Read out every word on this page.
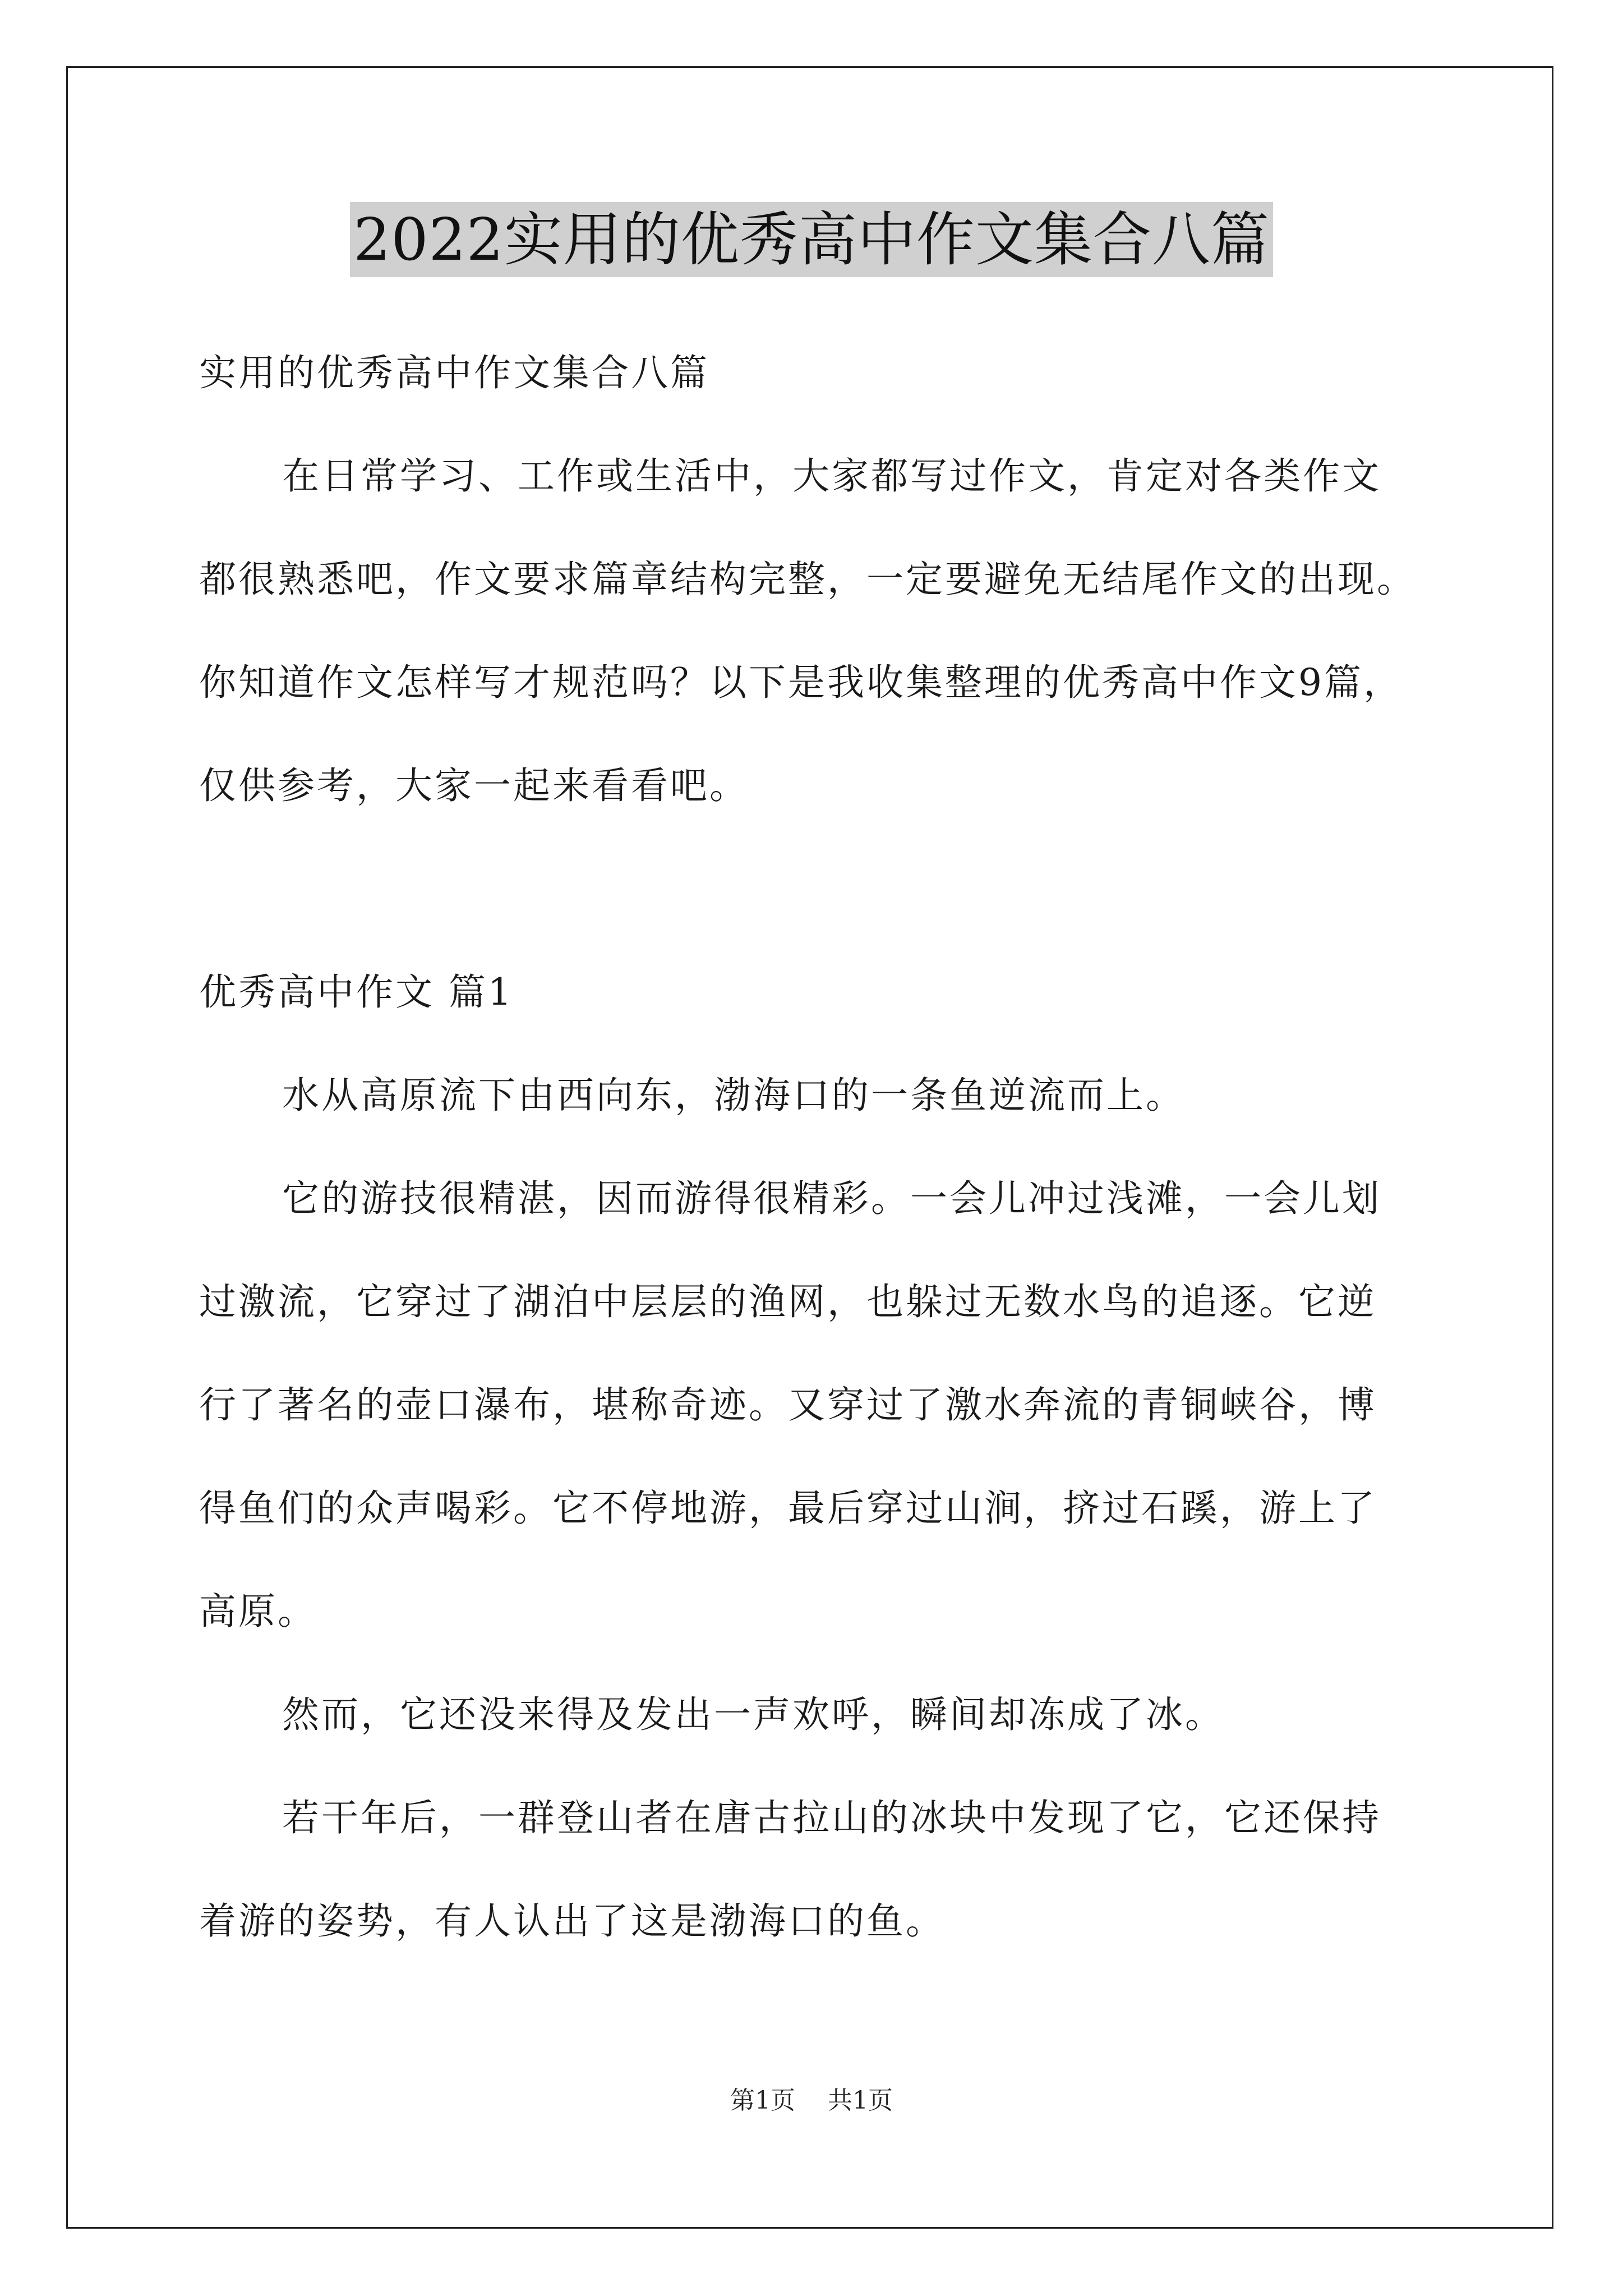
2022实用的优秀高中作文集合八篇
实用的优秀高中作文集合八篇
在日常学习、工作或生活中，大家都写过作文，肯定对各类作文
都很熟悉吧，作文要求篇章结构完整，一定要避免无结尾作文的出现。
你知道作文怎样写才规范吗？以下是我收集整理的优秀高中作文9篇，
仅供参考，大家一起来看看吧。
优秀高中作文 篇1
水从高原流下由西向东，渤海口的一条鱼逆流而上。
它的游技很精湛，因而游得很精彩。一会儿冲过浅滩，一会儿划
过激流，它穿过了湖泊中层层的渔网，也躲过无数水鸟的追逐。它逆
行了著名的壶口瀑布，堪称奇迹。又穿过了激水奔流的青铜峡谷，博
得鱼们的众声喝彩。它不停地游，最后穿过山涧，挤过石蹊，游上了
高原。
然而，它还没来得及发出一声欢呼，瞬间却冻成了冰。
若干年后，一群登山者在唐古拉山的冰块中发现了它，它还保持
着游的姿势，有人认出了这是渤海口的鱼。
第1页 共1页
